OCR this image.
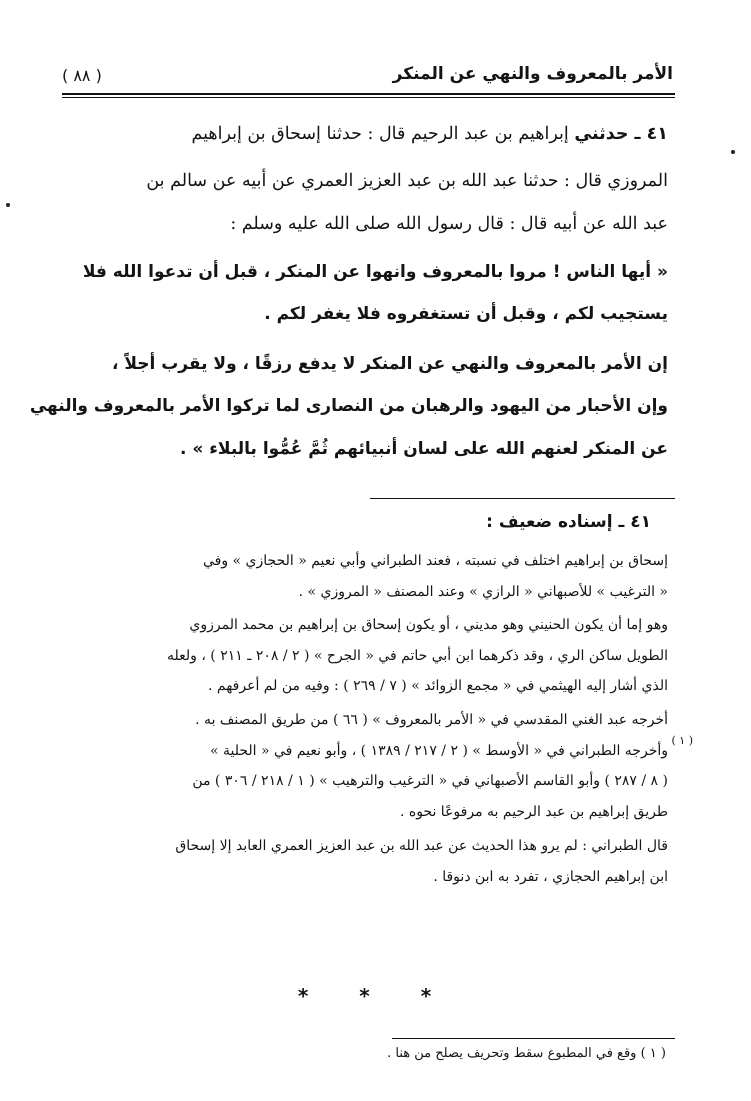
الأمر بالمعروف والنهي عن المنكر
( ٨٨ )
٤١ ـ حدثني إبراهيم بن عبد الرحيم قال : حدثنا إسحاق بن إبراهيم
المروزي قال : حدثنا عبد الله بن عبد العزيز العمري عن أبيه عن سالم بن
عبد الله عن أبيه قال : قال رسول الله صلى الله عليه وسلم :
« أيها الناس ! مروا بالمعروف وانهوا عن المنكر ، قبل أن تدعوا الله فلا
يستجيب لكم ، وقبل أن تستغفروه فلا يغفر لكم .
إن الأمر بالمعروف والنهي عن المنكر لا يدفع رزقًا ، ولا يقرب أجلاً ،
وإن الأحبار من اليهود والرهبان من النصارى لما تركوا الأمر بالمعروف والنهي
عن المنكر لعنهم الله على لسان أنبيائهم ثُمَّ عُمُّوا بالبلاء » .
٤١ ـ إسناده ضعيف :
إسحاق بن إبراهيم اختلف في نسبته ، فعند الطبراني وأبي نعيم « الحجازي » وفي
« الترغيب » للأصبهاني « الرازي » وعند المصنف « المروزي » .
وهو إما أن يكون الحنيني وهو مديني ، أو يكون إسحاق بن إبراهيم بن محمد المرزوي
الطويل ساكن الري ، وقد ذكرهما ابن أبي حاتم في « الجرح » ( ٢ / ٢٠٨ ـ ٢١١ ) ، ولعله
الذي أشار إليه الهيثمي في « مجمع الزوائد » ( ٧ / ٢٦٩ ) : وفيه من لم أعرفهم .
أخرجه عبد الغني المقدسي في « الأمر بالمعروف » ( ٦٦ ) من طريق المصنف به .
( ١ )
وأخرجه الطبراني في « الأوسط » ( ٢ / ٢١٧ / ١٣٨٩ ) ، وأبو نعيم في « الحلية »
( ٨ / ٢٨٧ ) وأبو القاسم الأصبهاني في « الترغيب والترهيب » ( ١ / ٢١٨ / ٣٠٦ ) من
طريق إبراهيم بن عبد الرحيم به مرفوعًا نحوه .
قال الطبراني : لم يرو هذا الحديث عن عبد الله بن عبد العزيز العمري العابد إلا إسحاق
ابن إبراهيم الحجازي ، تفرد به ابن دنوقا .
* * *
( ١ ) وقع في المطبوع سقط وتحريف يصلح من هنا .
